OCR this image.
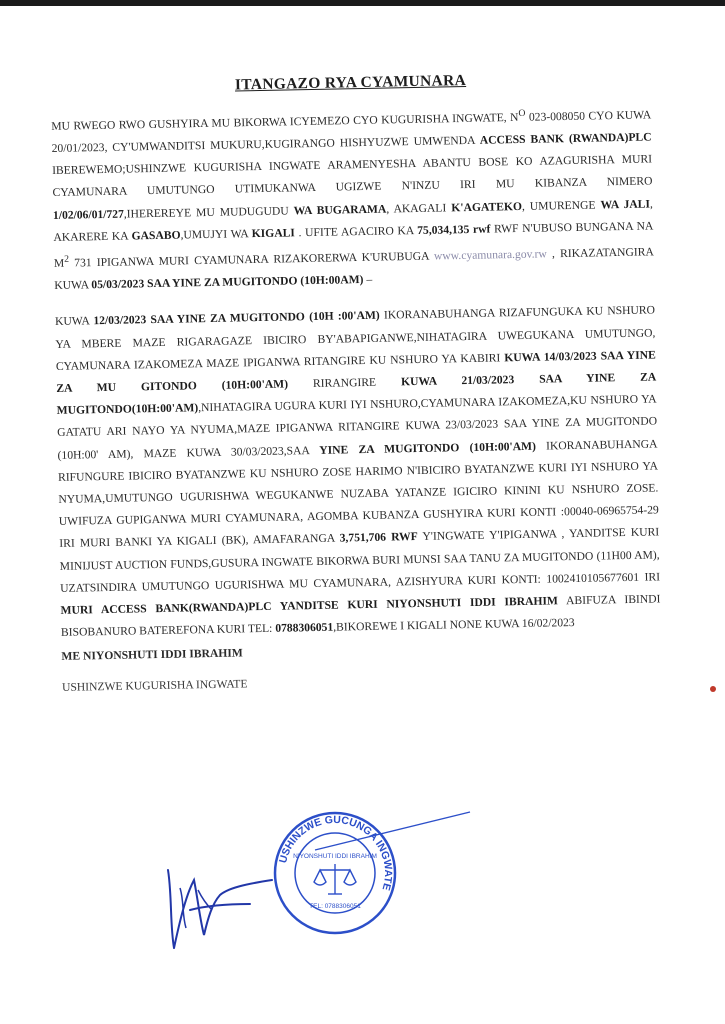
ITANGAZO RYA CYAMUNARA

MU RWEGO RWO GUSHYIRA MU BIKORWA ICYEMEZO CYO KUGURISHA INGWATE, $N^O$ 023-008050 CYO KUWA 20/01/2023, CY'UMWANDITSI MUKURU,KUGIRANGO HISHYUZWE UMWENDA ACCESS BANK (RWANDA)PLC IBEREWEMO;USHINZWE KUGURISHA INGWATE ARAMENYESHA ABANTU BOSE KO AZAGURISHA MURI CYAMUNARA UMUTUNGO UTIMUKANWA UGIZWE N'INZU IRI MU KIBANZA NIMERO 1/02/06/01/727,IHEREREYE MU MUDUGUDU WA BUGARAMA, AKAGALI K'AGATEKO, UMURENGE WA JALI, AKARERE KA GASABO,UMUJYI WA KIGALI . UFITE AGACIRO KA 75,034,135 rwf RWF N'UBUSO BUNGANA NA $M^2$ 731 IPIGANWA MURI CYAMUNARA RIZAKORERWA K'URUBUGA www.cyamunara.gov.rw , RIKAZATANGIRA KUWA 05/03/2023 SAA YINE ZA MUGITONDO (10H:00AM) –

KUWA 12/03/2023 SAA YINE ZA MUGITONDO (10H :00'AM) IKORANABUHANGA RIZAFUNGUKA KU NSHURO YA MBERE MAZE RIGARAGAZE IBICIRO BY'ABAPIGANWE,NIHATAGIRA UWEGUKANA UMUTUNGO, CYAMUNARA IZAKOMEZA MAZE IPIGANWA RITANGIRE KU NSHURO YA KABIRI KUWA 14/03/2023 SAA YINE ZA MU GITONDO (10H:00'AM) RIRANGIRE KUWA 21/03/2023 SAA YINE ZA MUGITONDO(10H:00'AM),NIHATAGIRA UGURA KURI IYI NSHURO,CYAMUNARA IZAKOMEZA,KU NSHURO YA GATATU ARI NAYO YA NYUMA,MAZE IPIGANWA RITANGIRE KUWA 23/03/2023 SAA YINE ZA MUGITONDO (10H:00' AM), MAZE KUWA 30/03/2023,SAA YINE ZA MUGITONDO (10H:00'AM) IKORANABUHANGA RIFUNGURE IBICIRO BYATANZWE KU NSHURO ZOSE HARIMO N'IBICIRO BYATANZWE KURI IYI NSHURO YA NYUMA,UMUTUNGO UGURISHWA WEGUKANWE NUZABA YATANZE IGICIRO KININI KU NSHURO ZOSE. UWIFUZA GUPIGANWA MURI CYAMUNARA, AGOMBA KUBANZA GUSHYIRA KURI KONTI :00040-06965754-29 IRI MURI BANKI YA KIGALI (BK), AMAFARANGA 3,751,706 RWF Y'INGWATE Y'IPIGANWA , YANDITSE KURI MINIJUST AUCTION FUNDS,GUSURA INGWATE BIKORWA BURI MUNSI SAA TANU ZA MUGITONDO (11H00 AM), UZATSINDIRA UMUTUNGO UGURISHWA MU CYAMUNARA, AZISHYURA KURI KONTI: 1002410105677601 IRI MURI ACCESS BANK(RWANDA)PLC YANDITSE KURI NIYONSHUTI IDDI IBRAHIM ABIFUZA IBINDI BISOBANURO BATEREFONA KURI TEL: 0788306051,BIKOREWE I KIGALI NONE KUWA 16/02/2023

ME NIYONSHUTI IDDI IBRAHIM
USHINZWE KUGURISHA INGWATE
USHINZWE GUCUNGA INGWATE
NIYONSHUTI IDDI IBRAHIM
TEL: 0788306051
